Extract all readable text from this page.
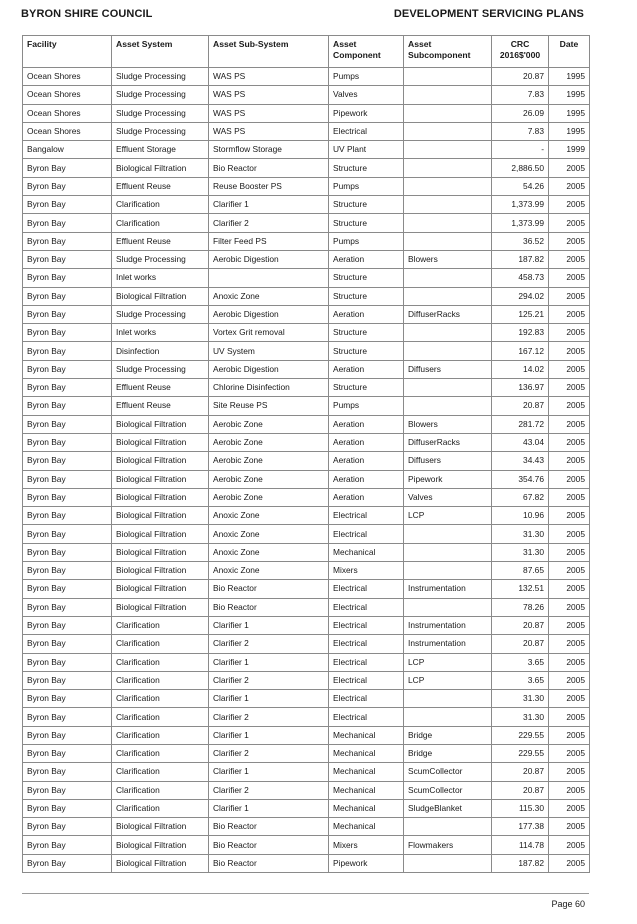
BYRON SHIRE COUNCIL	DEVELOPMENT SERVICING PLANS
Facility	Asset System	Asset Sub-System	Asset Component	Asset Subcomponent	CRC 2016$'000	Date
Ocean Shores	Sludge Processing	WAS PS	Pumps		20.87	1995
Ocean Shores	Sludge Processing	WAS PS	Valves		7.83	1995
Ocean Shores	Sludge Processing	WAS PS	Pipework		26.09	1995
Ocean Shores	Sludge Processing	WAS PS	Electrical		7.83	1995
Bangalow	Effluent Storage	Stormflow Storage	UV Plant		-	1999
Byron Bay	Biological Filtration	Bio Reactor	Structure		2,886.50	2005
Byron Bay	Effluent Reuse	Reuse Booster PS	Pumps		54.26	2005
Byron Bay	Clarification	Clarifier 1	Structure		1,373.99	2005
Byron Bay	Clarification	Clarifier 2	Structure		1,373.99	2005
Byron Bay	Effluent Reuse	Filter Feed PS	Pumps		36.52	2005
Byron Bay	Sludge Processing	Aerobic Digestion	Aeration	Blowers	187.82	2005
Byron Bay	Inlet works		Structure		458.73	2005
Byron Bay	Biological Filtration	Anoxic Zone	Structure		294.02	2005
Byron Bay	Sludge Processing	Aerobic Digestion	Aeration	DiffuserRacks	125.21	2005
Byron Bay	Inlet works	Vortex Grit removal	Structure		192.83	2005
Byron Bay	Disinfection	UV System	Structure		167.12	2005
Byron Bay	Sludge Processing	Aerobic Digestion	Aeration	Diffusers	14.02	2005
Byron Bay	Effluent Reuse	Chlorine Disinfection	Structure		136.97	2005
Byron Bay	Effluent Reuse	Site Reuse PS	Pumps		20.87	2005
Byron Bay	Biological Filtration	Aerobic Zone	Aeration	Blowers	281.72	2005
Byron Bay	Biological Filtration	Aerobic Zone	Aeration	DiffuserRacks	43.04	2005
Byron Bay	Biological Filtration	Aerobic Zone	Aeration	Diffusers	34.43	2005
Byron Bay	Biological Filtration	Aerobic Zone	Aeration	Pipework	354.76	2005
Byron Bay	Biological Filtration	Aerobic Zone	Aeration	Valves	67.82	2005
Byron Bay	Biological Filtration	Anoxic Zone	Electrical	LCP	10.96	2005
Byron Bay	Biological Filtration	Anoxic Zone	Electrical		31.30	2005
Byron Bay	Biological Filtration	Anoxic Zone	Mechanical		31.30	2005
Byron Bay	Biological Filtration	Anoxic Zone	Mixers		87.65	2005
Byron Bay	Biological Filtration	Bio Reactor	Electrical	Instrumentation	132.51	2005
Byron Bay	Biological Filtration	Bio Reactor	Electrical		78.26	2005
Byron Bay	Clarification	Clarifier 1	Electrical	Instrumentation	20.87	2005
Byron Bay	Clarification	Clarifier 2	Electrical	Instrumentation	20.87	2005
Byron Bay	Clarification	Clarifier 1	Electrical	LCP	3.65	2005
Byron Bay	Clarification	Clarifier 2	Electrical	LCP	3.65	2005
Byron Bay	Clarification	Clarifier 1	Electrical		31.30	2005
Byron Bay	Clarification	Clarifier 2	Electrical		31.30	2005
Byron Bay	Clarification	Clarifier 1	Mechanical	Bridge	229.55	2005
Byron Bay	Clarification	Clarifier 2	Mechanical	Bridge	229.55	2005
Byron Bay	Clarification	Clarifier 1	Mechanical	ScumCollector	20.87	2005
Byron Bay	Clarification	Clarifier 2	Mechanical	ScumCollector	20.87	2005
Byron Bay	Clarification	Clarifier 1	Mechanical	SludgeBlanket	115.30	2005
Byron Bay	Biological Filtration	Bio Reactor	Mechanical		177.38	2005
Byron Bay	Biological Filtration	Bio Reactor	Mixers	Flowmakers	114.78	2005
Byron Bay	Biological Filtration	Bio Reactor	Pipework		187.82	2005
Page 60
